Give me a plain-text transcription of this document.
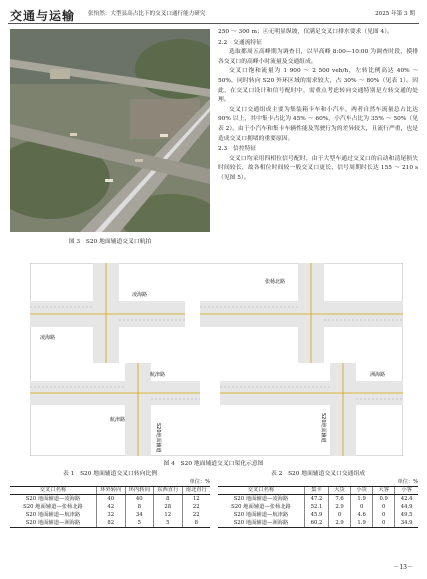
交通与运输 张怡然：大型县高占比下的交叉口通行能力研究	2025 年第 3 期
图 3　S20 地面辅道交叉口航拍

250 ～ 300 m；④无明显纵坡，仅满足交叉口排水要求（见图 4）。

2.2　交通流特征

选取都周五高峰期为调查日，以早高峰 8:00—10:00 为调查时段，摸排各交叉口的高峰小时流量及交通组成。

交叉口饱和流量为 1 900 ～ 2 500 veh/h，左转比例高达 40% ～ 50%，同时转向 S20 外环区域的需求较大，占 30% ～ 80%（见表 1）。因此，在交叉口设计和信号配时中，需重点考虑转向交通特别是左转交通的处理。

交叉口交通组成主要为集装箱卡车和小汽车，两者自然车流量总占比达 90% 以上，其中集卡占比为 45% ～ 60%，小汽车占比为 35% ～ 50%（见表 2）。由于小汽车和集卡车辆性能及驾驶行为的差异较大，且流行严重，也是造成交叉口拥堵的重要原因。

2.3　信控特征

交叉口均采用四相位信号配时，由于大型车通过交叉口的启动和清尾损失时间较长，故各相位时间较一般交叉口更长，信号周期时长达 155 ～ 210 s（见图 5）。

凌海路
凌海路
张杨北路
航津路
航津路
S20地面辅道
洲海路
S20地面辅道
图 4　S20 地面辅道交叉口渠化示意图
表 1　S20 地面辅道交叉口转向比例
单位：%
交叉口名称	环外转向	环内转向	东西直行	南北直行
S20 地面辅道—凌海路	40	40	8	12
S20 地面辅道—张杨北路	42	8	28	22
S20 地面辅道—航津路	32	34	12	22
S20 地面辅道—洲海路	82	5	5	8
表 2　S20 地面辅道交叉口交通组成
单位：%
交叉口名称	集卡	大货	小货	大客	小客
S20 地面辅道—凌海路	47.2	7.6	1.9	0.9	42.4
S20 地面辅道—张杨北路	52.1	2.9	0	0	44.9
S20 地面辅道—航津路	45.9	0	4.6	0	49.5
S20 地面辅道—洲海路	60.2	2.9	1.9	0	34.9
－13－
